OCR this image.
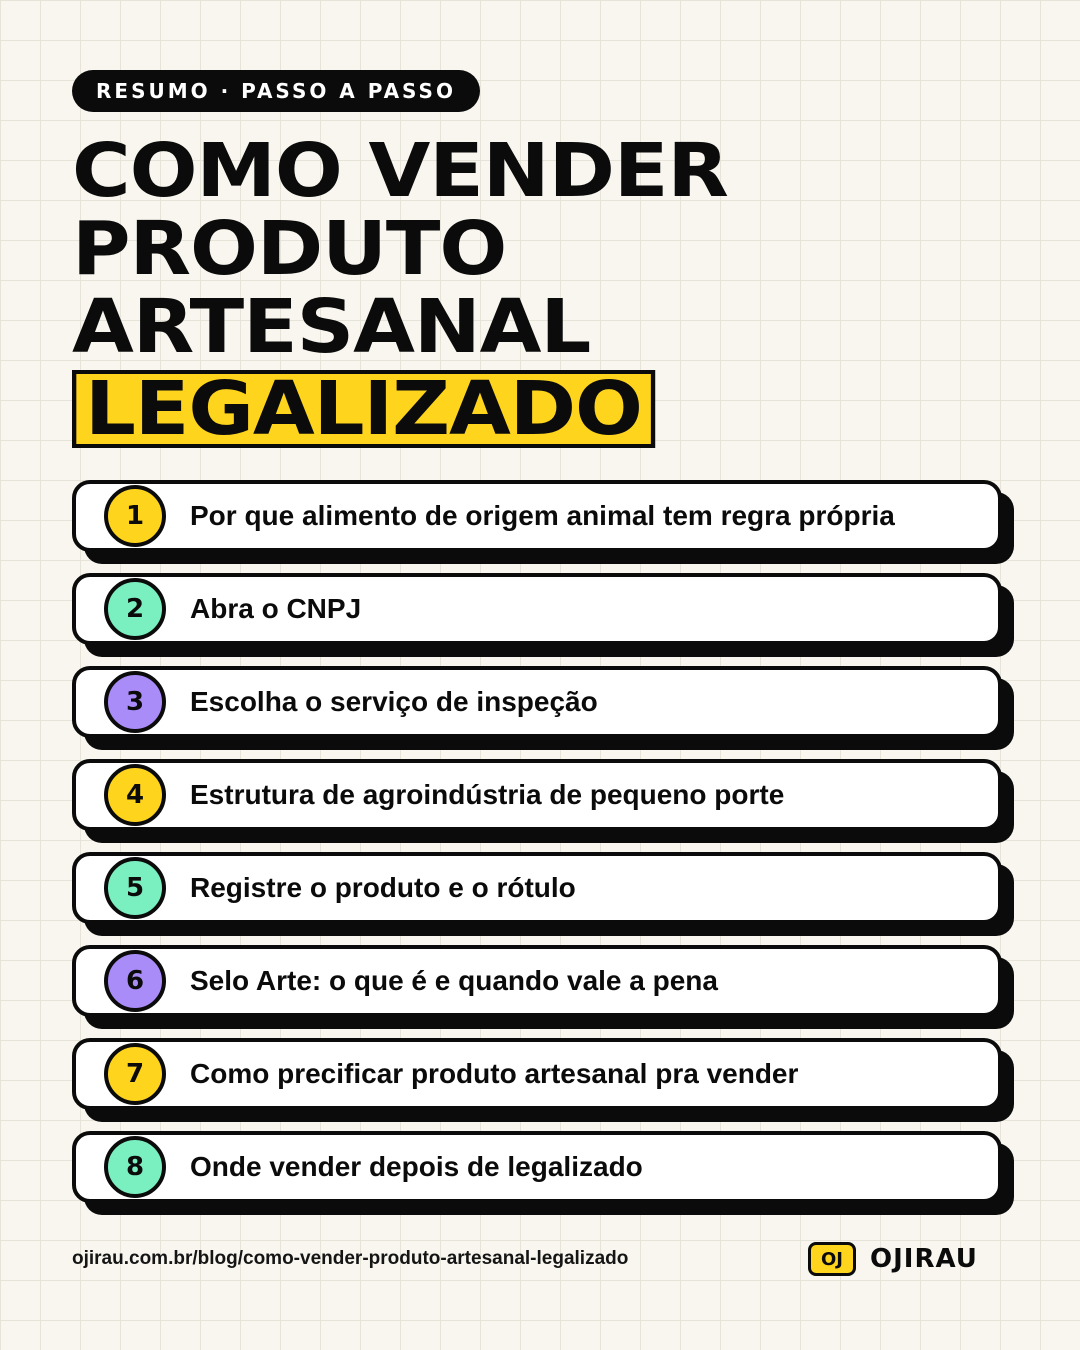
RESUMO · PASSO A PASSO
COMO VENDER
PRODUTO
ARTESANAL
LEGALIZADO
1	Por que alimento de origem animal tem regra própria
2	Abra o CNPJ
3	Escolha o serviço de inspeção
4	Estrutura de agroindústria de pequeno porte
5	Registre o produto e o rótulo
6	Selo Arte: o que é e quando vale a pena
7	Como precificar produto artesanal pra vender
8	Onde vender depois de legalizado
ojirau.com.br/blog/como-vender-produto-artesanal-legalizado	OJ	OJIRAU
